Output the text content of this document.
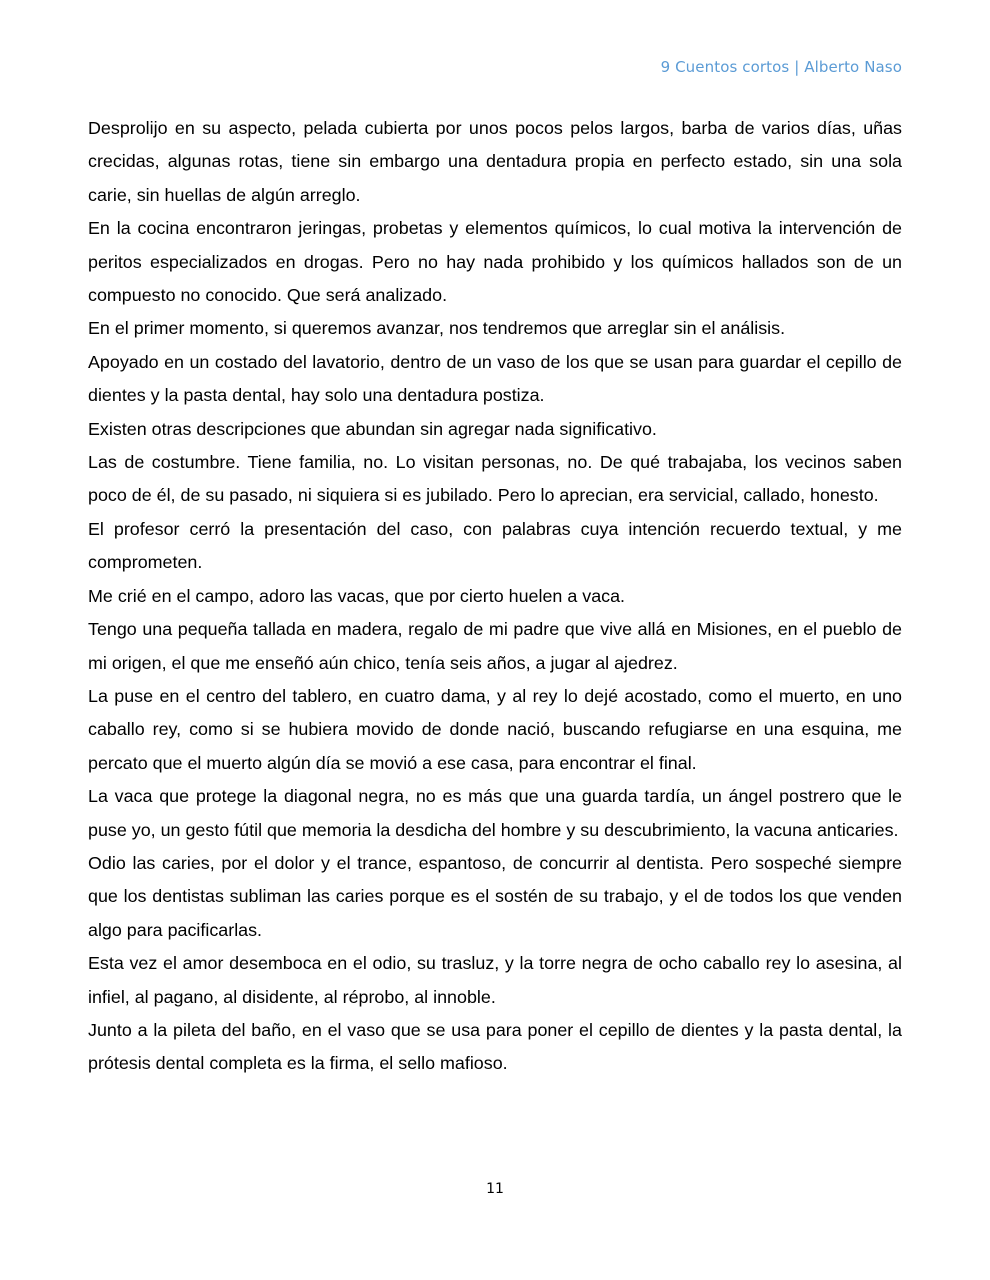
9 Cuentos cortos | Alberto Naso

Desprolijo en su aspecto, pelada cubierta por unos pocos pelos largos, barba de varios días, uñas crecidas, algunas rotas, tiene sin embargo una dentadura propia en perfecto estado, sin una sola carie, sin huellas de algún arreglo.

En la cocina encontraron jeringas, probetas y elementos químicos, lo cual motiva la intervención de peritos especializados en drogas. Pero no hay nada prohibido y los químicos hallados son de un compuesto no conocido. Que será analizado.

En el primer momento, si queremos avanzar, nos tendremos que arreglar sin el análisis.

Apoyado en un costado del lavatorio, dentro de un vaso de los que se usan para guardar el cepillo de dientes y la pasta dental, hay solo una dentadura postiza.

Existen otras descripciones que abundan sin agregar nada significativo.

Las de costumbre. Tiene familia, no. Lo visitan personas, no. De qué trabajaba, los vecinos saben poco de él, de su pasado, ni siquiera si es jubilado. Pero lo aprecian, era servicial, callado, honesto.

El profesor cerró la presentación del caso, con palabras cuya intención recuerdo textual, y me comprometen.

Me crié en el campo, adoro las vacas, que por cierto huelen a vaca.

Tengo una pequeña tallada en madera, regalo de mi padre que vive allá en Misiones, en el pueblo de mi origen, el que me enseñó aún chico, tenía seis años, a jugar al ajedrez.

La puse en el centro del tablero, en cuatro dama, y al rey lo dejé acostado, como el muerto, en uno caballo rey, como si se hubiera movido de donde nació, buscando refugiarse en una esquina, me percato que el muerto algún día se movió a ese casa, para encontrar el final.

La vaca que protege la diagonal negra, no es más que una guarda tardía, un ángel postrero que le puse yo, un gesto fútil que memoria la desdicha del hombre y su descubrimiento, la vacuna anticaries.

Odio las caries, por el dolor y el trance, espantoso, de concurrir al dentista. Pero sospeché siempre que los dentistas subliman las caries porque es el sostén de su trabajo, y el de todos los que venden algo para pacificarlas.

Esta vez el amor desemboca en el odio, su trasluz, y la torre negra de ocho caballo rey lo asesina, al infiel, al pagano, al disidente, al réprobo, al innoble.

Junto a la pileta del baño, en el vaso que se usa para poner el cepillo de dientes y la pasta dental, la prótesis dental completa es la firma, el sello mafioso.

11
